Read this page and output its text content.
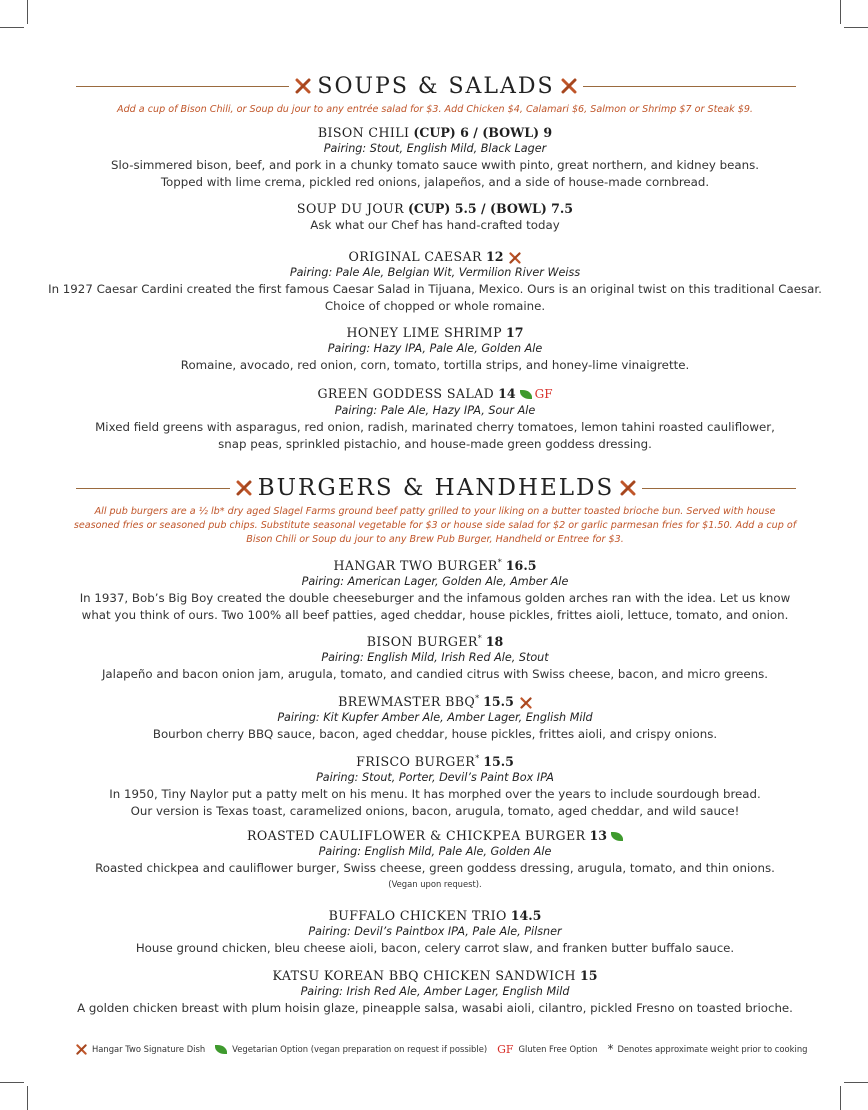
SOUPS & SALADS
Add a cup of Bison Chili, or Soup du jour to any entrée salad for $3. Add Chicken $4, Calamari $6, Salmon or Shrimp $7 or Steak $9.
BISON CHILI (CUP) 6 / (BOWL) 9
Pairing: Stout, English Mild, Black Lager
Slo-simmered bison, beef, and pork in a chunky tomato sauce wwith pinto, great northern, and kidney beans.
Topped with lime crema, pickled red onions, jalapeños, and a side of house-made cornbread.
SOUP DU JOUR (CUP) 5.5 / (BOWL) 7.5
Ask what our Chef has hand-crafted today
ORIGINAL CAESAR 12
Pairing: Pale Ale, Belgian Wit, Vermilion River Weiss
In 1927 Caesar Cardini created the first famous Caesar Salad in Tijuana, Mexico. Ours is an original twist on this traditional Caesar.
Choice of chopped or whole romaine.
HONEY LIME SHRIMP 17
Pairing: Hazy IPA, Pale Ale, Golden Ale
Romaine, avocado, red onion, corn, tomato, tortilla strips, and honey-lime vinaigrette.
GREEN GODDESS SALAD 14 GF
Pairing: Pale Ale, Hazy IPA, Sour Ale
Mixed field greens with asparagus, red onion, radish, marinated cherry tomatoes, lemon tahini roasted cauliflower,
snap peas, sprinkled pistachio, and house-made green goddess dressing.
BURGERS & HANDHELDS
All pub burgers are a ½ lb* dry aged Slagel Farms ground beef patty grilled to your liking on a butter toasted brioche bun. Served with house
seasoned fries or seasoned pub chips. Substitute seasonal vegetable for $3 or house side salad for $2 or garlic parmesan fries for $1.50. Add a cup of
Bison Chili or Soup du jour to any Brew Pub Burger, Handheld or Entree for $3.
HANGAR TWO BURGER* 16.5
Pairing: American Lager, Golden Ale, Amber Ale
In 1937, Bob’s Big Boy created the double cheeseburger and the infamous golden arches ran with the idea. Let us know
what you think of ours. Two 100% all beef patties, aged cheddar, house pickles, frittes aioli, lettuce, tomato, and onion.
BISON BURGER* 18
Pairing: English Mild, Irish Red Ale, Stout
Jalapeño and bacon onion jam, arugula, tomato, and candied citrus with Swiss cheese, bacon, and micro greens.
BREWMASTER BBQ* 15.5
Pairing: Kit Kupfer Amber Ale, Amber Lager, English Mild
Bourbon cherry BBQ sauce, bacon, aged cheddar, house pickles, frittes aioli, and crispy onions.
FRISCO BURGER* 15.5
Pairing: Stout, Porter, Devil’s Paint Box IPA
In 1950, Tiny Naylor put a patty melt on his menu. It has morphed over the years to include sourdough bread.
Our version is Texas toast, caramelized onions, bacon, arugula, tomato, aged cheddar, and wild sauce!
ROASTED CAULIFLOWER & CHICKPEA BURGER 13
Pairing: English Mild, Pale Ale, Golden Ale
Roasted chickpea and cauliflower burger, Swiss cheese, green goddess dressing, arugula, tomato, and thin onions.
(Vegan upon request).
BUFFALO CHICKEN TRIO 14.5
Pairing: Devil’s Paintbox IPA, Pale Ale, Pilsner
House ground chicken, bleu cheese aioli, bacon, celery carrot slaw, and franken butter buffalo sauce.
KATSU KOREAN BBQ CHICKEN SANDWICH 15
Pairing: Irish Red Ale, Amber Lager, English Mild
A golden chicken breast with plum hoisin glaze, pineapple salsa, wasabi aioli, cilantro, pickled Fresno on toasted brioche.
Hangar Two Signature Dish	Vegetarian Option (vegan preparation on request if possible) GF Gluten Free Option * Denotes approximate weight prior to cooking
